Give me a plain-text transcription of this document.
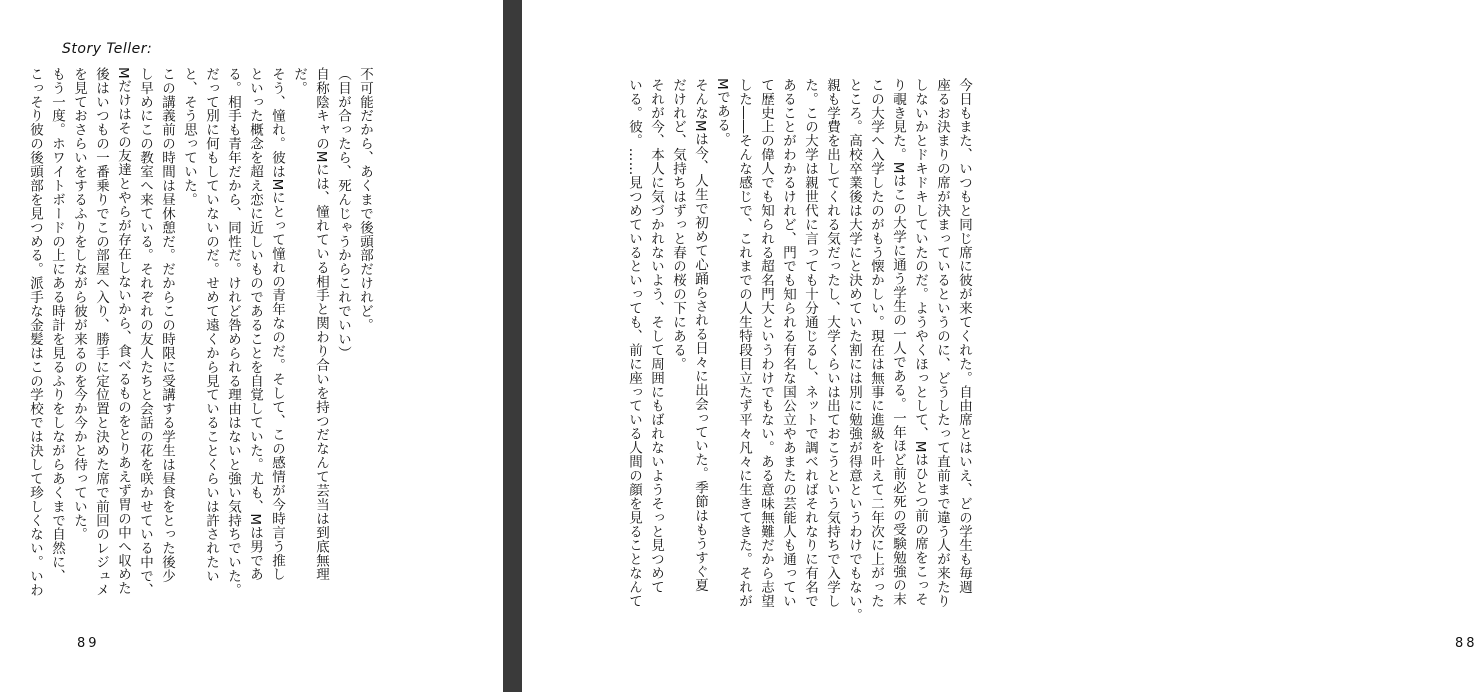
Story Teller:
不可能だから、あくまで後頭部だけれど。
（目が合ったら、死んじゃうからこれでいい）
自称陰キャのMには、憧れている相手と関わり合いを持つだなんて芸当は到底無理
だ。
そう、憧れ。彼はMにとって憧れの青年なのだ。そして、この感情が今時言う推し
といった概念を超え恋に近しいものであることを自覚していた。尤も、Mは男であ
る。相手も青年だから、同性だ。けれど咎められる理由はないと強い気持ちでいた。
だって別に何もしていないのだ。せめて遠くから見ていることくらいは許されたい
と、そう思っていた。
この講義前の時間は昼休憩だ。だからこの時限に受講する学生は昼食をとった後少
し早めにこの教室へ来ている。それぞれの友人たちと会話の花を咲かせている中で、
Mだけはその友達とやらが存在しないから、食べるものをとりあえず胃の中へ収めた
後はいつもの一番乗りでこの部屋へ入り、勝手に定位置と決めた席で前回のレジュメ
を見ておさらいをするふりをしながら彼が来るのを今か今かと待っていた。
もう一度。ホワイトボードの上にある時計を見るふりをしながらあくまで自然に、
こっそり彼の後頭部を見つめる。派手な金髪はこの学校では決して珍しくない。いわ
89
今日もまた、いつもと同じ席に彼が来てくれた。自由席とはいえ、どの学生も毎週
座るお決まりの席が決まっているというのに、どうしたって直前まで違う人が来たり
しないかとドキドキしていたのだ。ようやくほっとして、Mはひとつ前の席をこっそ
り覗き見た。Mはこの大学に通う学生の一人である。一年ほど前必死の受験勉強の末
この大学へ入学したのがもう懐かしい。現在は無事に進級を叶えて二年次に上がった
ところ。高校卒業後は大学にと決めていた割には別に勉強が得意というわけでもない。
親も学費を出してくれる気だったし、大学くらいは出ておこうという気持ちで入学し
た。この大学は親世代に言っても十分通じるし、ネットで調べればそれなりに有名で
あることがわかるけれど、門でも知られる有名な国公立やあまたの芸能人も通ってい
て歴史上の偉人でも知られる超名門大というわけでもない。ある意味無難だから志望
した――そんな感じで、これまでの人生特段目立たず平々凡々に生きてきた。それが
Mである。
そんなMは今、人生で初めて心踊らされる日々に出会っていた。季節はもうすぐ夏
だけれど、気持ちはずっと春の桜の下にある。
それが今、本人に気づかれないよう、そして周囲にもばれないようそっと見つめて
いる。彼。……見つめているといっても、前に座っている人間の顔を見ることなんて
88
